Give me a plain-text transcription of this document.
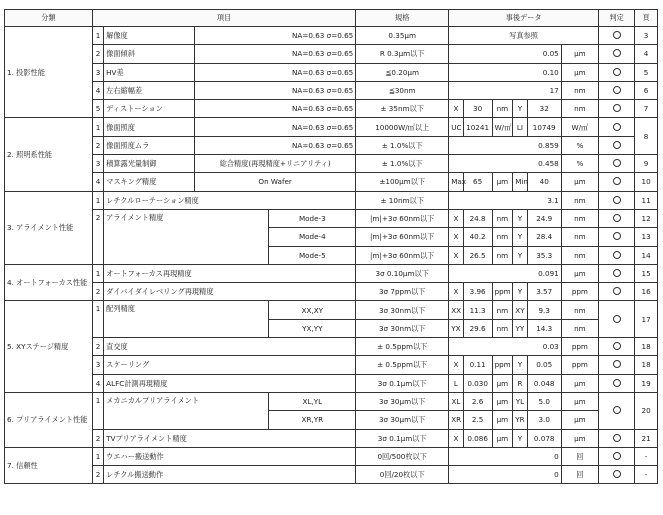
分類	項目				規格	事後データ						判定	頁
1. 投影性能	1	解像度	NA=0.63 σ=0.65		0.35μm	写真参照							3
	2	像面傾斜	NA=0.63 σ=0.65		R 0.3μm以下	0.05					μm		4
	3	HV差	NA=0.63 σ=0.65		≦0.20μm	0.10					μm		5
	4	左右縮幅差	NA=0.63 σ=0.65		≦30nm	17					nm		6
	5	ディストーション	NA=0.63 σ=0.65		± 35nm以下	X	30	nm	Y	32	nm		7
2. 照明系性能	1	像面照度	NA=0.63 σ=0.65		10000W/㎡以上	UC	10241	W/㎡	LI	10749	W/㎡		8
	2	像面照度ムラ	NA=0.63 σ=0.65		± 1.0%以下	0.859					%		
	3	積算露光量制御	総合精度(再現精度+リニアリティ)		± 1.0%以下	0.458					%		9
	4	マスキング精度	On Wafer		±100μm以下	Max	65	μm	Min	40	μm		10
3. アライメント性能	1	レチクルローテーション精度			± 10nm以下	3.1					nm		11
	2	アライメント精度		Mode-3	|m|+3σ 60nm以下	X	24.8	nm	Y	24.9	nm		12
				Mode-4	|m|+3σ 60nm以下	X	40.2	nm	Y	28.4	nm		13
				Mode-5	|m|+3σ 60nm以下	X	26.5	nm	Y	35.3	nm		14
4. オートフォーカス性能	1	オートフォーカス再現精度			3σ 0.10μm以下	0.091					μm		15
	2	ダイバイダイレベリング再現精度			3σ 7ppm以下	X	3.96	ppm	Y	3.57	ppm		16
5. XYステージ精度	1	配列精度		XX,XY	3σ 30nm以下	XX	11.3	nm	XY	9.3	nm		17
				YX,YY	3σ 30nm以下	YX	29.6	nm	YY	14.3	nm		
	2	直交度			± 0.5ppm以下	0.03					ppm		18
	3	スケーリング			± 0.5ppm以下	X	0.11	ppm	Y	0.05	ppm		18
	4	ALFC計測再現精度			3σ 0.1μm以下	L	0.030	μm	R	0.048	μm		19
6. プリアライメント性能	1	メカニカルプリアライメント		XL,YL	3σ 30μm以下	XL	2.6	μm	YL	5.0	μm		20
				XR,YR	3σ 30μm以下	XR	2.5	μm	YR	3.0	μm		
	2	TVプリアライメント精度			3σ 0.1μm以下	X	0.086	μm	Y	0.078	μm		21
7. 信頼性	1	ウエハー搬送動作			0回/500枚以下	0					回		-
	2	レチクル搬送動作			0回/20枚以下	0					回		-
